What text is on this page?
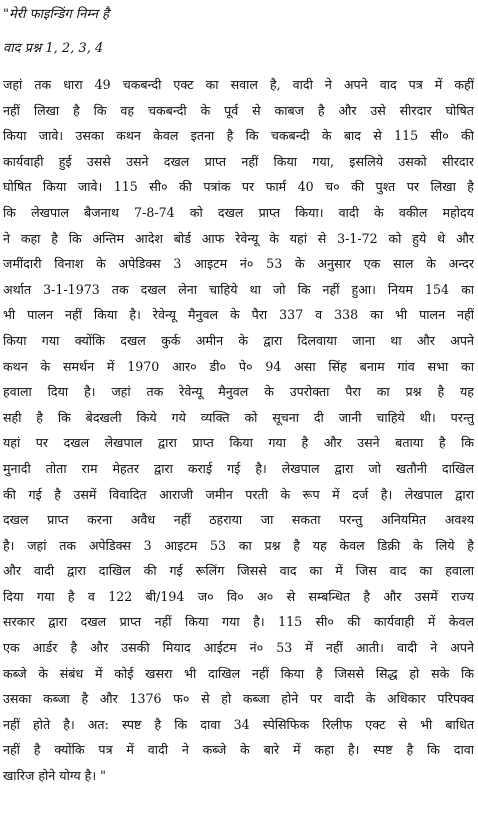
"मेरी फाइन्डिंग निम्न है
वाद प्रश्न 1, 2, 3, 4
जहां तक धारा 49 चकबन्दी एक्ट का सवाल है, वादी ने अपने वाद पत्र में कहीं
नहीं लिखा है कि वह चकबन्दी के पूर्व से काबज है और उसे सीरदार घोषित
किया जावे। उसका कथन केवल इतना है कि चकबन्दी के बाद से 115 सी० की
कार्यवाही हुई उससे उसने दखल प्राप्त नहीं किया गया, इसलिये उसको सीरदार
घोषित किया जावे। 115 सी० की पत्रांक पर फार्म 40 च० की पुश्त पर लिखा है
कि लेखपाल बैजनाथ 7-8-74 को दखल प्राप्त किया। वादी के वकील महोदय
ने कहा है कि अन्तिम आदेश बोर्ड आफ रेवेन्यू के यहां से 3-1-72 को हुये थे और
जमींदारी विनाश के अपेडिक्स 3 आइटम नं० 53 के अनुसार एक साल के अन्दर
अर्थात 3-1-1973 तक दखल लेना चाहिये था जो कि नहीं हुआ। नियम 154 का
भी पालन नहीं किया है। रेवेन्यू मैनुवल के पैरा 337 व 338 का भी पालन नहीं
किया गया क्योंकि दखल कुर्क अमीन के द्वारा दिलवाया जाना था और अपने
कथन के समर्थन में 1970 आर० डी० पे० 94 असा सिंह बनाम गांव सभा का
हवाला दिया है। जहां तक रेवेन्यू मैनुवल के उपरोक्ता पैरा का प्रश्न है यह
सही है कि बेदखली किये गये व्यक्ति को सूचना दी जानी चाहिये थी। परन्तु
यहां पर दखल लेखपाल द्वारा प्राप्त किया गया है और उसने बताया है कि
मुनादी तोता राम मेहतर द्वारा कराई गई है। लेखपाल द्वारा जो खतौनी दाखिल
की गई है उसमें विवादित आराजी जमीन परती के रूप में दर्ज है। लेखपाल द्वारा
दखल प्राप्त करना अवैध नहीं ठहराया जा सकता परन्तु अनियमित अवश्य
है। जहां तक अपेडिक्स 3 आइटम 53 का प्रश्न है यह केवल डिक्री के लिये है
और वादी द्वारा दाखिल की गई रूलिंग जिससे वाद का में जिस वाद का हवाला
दिया गया है व 122 बी/194 ज० वि० अ० से सम्बन्धित है और उसमें राज्य
सरकार द्वारा दखल प्राप्त नहीं किया गया है। 115 सी० की कार्यवाही में केवल
एक आर्डर है और उसकी मियाद आईटम नं० 53 में नहीं आती। वादी ने अपने
कब्जे के संबंध में कोई खसरा भी दाखिल नहीं किया है जिससे सिद्ध हो सके कि
उसका कब्जा है और 1376 फ० से हो कब्जा होने पर वादी के अधिकार परिपक्व
नहीं होते है। अत: स्पष्ट है कि दावा 34 स्पेसिफिक रिलीफ एक्ट से भी बाधित
नहीं है क्योंकि पत्र में वादी ने कब्जे के बारे में कहा है। स्पष्ट है कि दावा
खारिज होने योग्य है। "
